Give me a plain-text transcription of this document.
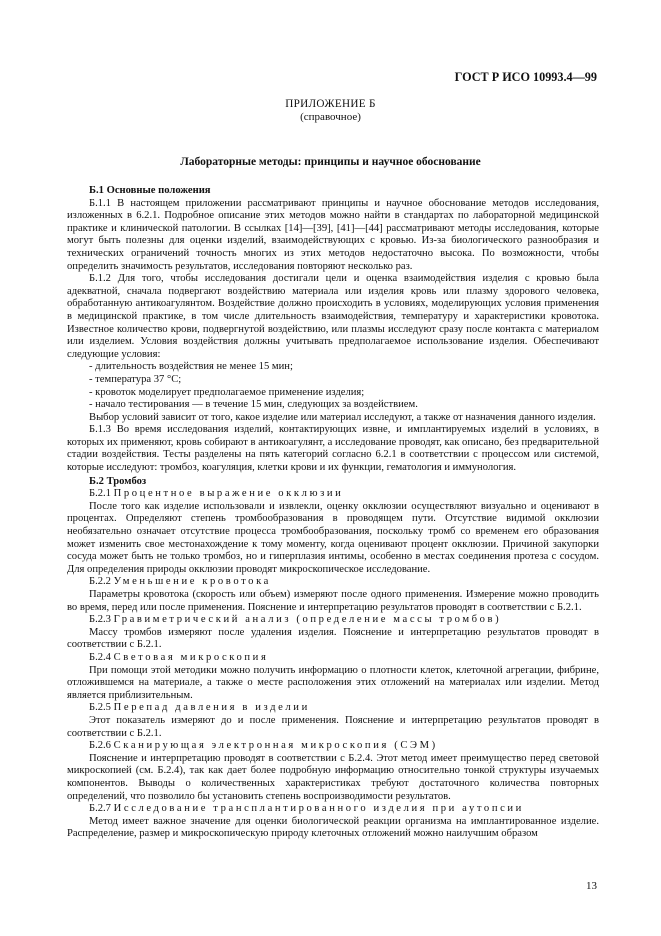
ГОСТ Р ИСО 10993.4—99
ПРИЛОЖЕНИЕ Б
(справочное)
Лабораторные методы: принципы и научное обоснование

Б.1 Основные положения

Б.1.1 В настоящем приложении рассматривают принципы и научное обоснование методов исследования, изложенных в 6.2.1. Подробное описание этих методов можно найти в стандартах по лабораторной медицинской практике и клинической патологии. В ссылках [14]—[39], [41]—[44] рассматривают методы исследования, которые могут быть полезны для оценки изделий, взаимодействующих с кровью. Из-за биологического разнообразия и технических ограничений точность многих из этих методов недостаточно высока. По возможности, чтобы определить значимость результатов, исследования повторяют несколько раз.

Б.1.2 Для того, чтобы исследования достигали цели и оценка взаимодействия изделия с кровью была адекватной, сначала подвергают воздействию материала или изделия кровь или плазму здорового человека, обработанную антикоагулянтом. Воздействие должно происходить в условиях, моделирующих условия применения в медицинской практике, в том числе длительность взаимодействия, температуру и характеристики кровотока. Известное количество крови, подвергнутой воздействию, или плазмы исследуют сразу после контакта с материалом или изделием. Условия воздействия должны учитывать предполагаемое использование изделия. Обеспечивают следующие условия:

- длительность воздействия не менее 15 мин;

- температура 37 °С;

- кровоток моделирует предполагаемое применение изделия;

- начало тестирования — в течение 15 мин, следующих за воздействием.

Выбор условий зависит от того, какое изделие или материал исследуют, а также от назначения данного изделия.

Б.1.3 Во время исследования изделий, контактирующих извне, и имплантируемых изделий в условиях, в которых их применяют, кровь собирают в антикоагулянт, а исследование проводят, как описано, без предварительной стадии воздействия. Тесты разделены на пять категорий согласно 6.2.1 в соответствии с процессом или системой, которые исследуют: тромбоз, коагуляция, клетки крови и их функции, гематология и иммунология.

Б.2 Тромбоз

Б.2.1 Процентное выражение окклюзии

После того как изделие использовали и извлекли, оценку окклюзии осуществляют визуально и оценивают в процентах. Определяют степень тромбообразования в проводящем пути. Отсутствие видимой окклюзии необязательно означает отсутствие процесса тромбообразования, поскольку тромб со временем его образования может изменить свое местонахождение к тому моменту, когда оценивают процент окклюзии. Причиной закупорки сосуда может быть не только тромбоз, но и гиперплазия интимы, особенно в местах соединения протеза с сосудом. Для определения природы окклюзии проводят микроскопическое исследование.

Б.2.2 Уменьшение кровотока

Параметры кровотока (скорость или объем) измеряют после одного применения. Измерение можно проводить во время, перед или после применения. Пояснение и интерпретацию результатов проводят в соответствии с Б.2.1.

Б.2.3 Гравиметрический анализ (определение массы тромбов)

Массу тромбов измеряют после удаления изделия. Пояснение и интерпретацию результатов проводят в соответствии с Б.2.1.

Б.2.4 Световая микроскопия

При помощи этой методики можно получить информацию о плотности клеток, клеточной агрегации, фибрине, отложившемся на материале, а также о месте расположения этих отложений на материалах или изделии. Метод является приблизительным.

Б.2.5 Перепад давления в изделии

Этот показатель измеряют до и после применения. Пояснение и интерпретацию результатов проводят в соответствии с Б.2.1.

Б.2.6 Сканирующая электронная микроскопия (СЭМ)

Пояснение и интерпретацию проводят в соответствии с Б.2.4. Этот метод имеет преимущество перед световой микроскопией (см. Б.2.4), так как дает более подробную информацию относительно тонкой структуры изучаемых компонентов. Выводы о количественных характеристиках требуют достаточного количества повторных определений, что позволило бы установить степень воспроизводимости результатов.

Б.2.7 Исследование трансплантированного изделия при аутопсии

Метод имеет важное значение для оценки биологической реакции организма на имплантированное изделие. Распределение, размер и микроскопическую природу клеточных отложений можно наилучшим образом

13
